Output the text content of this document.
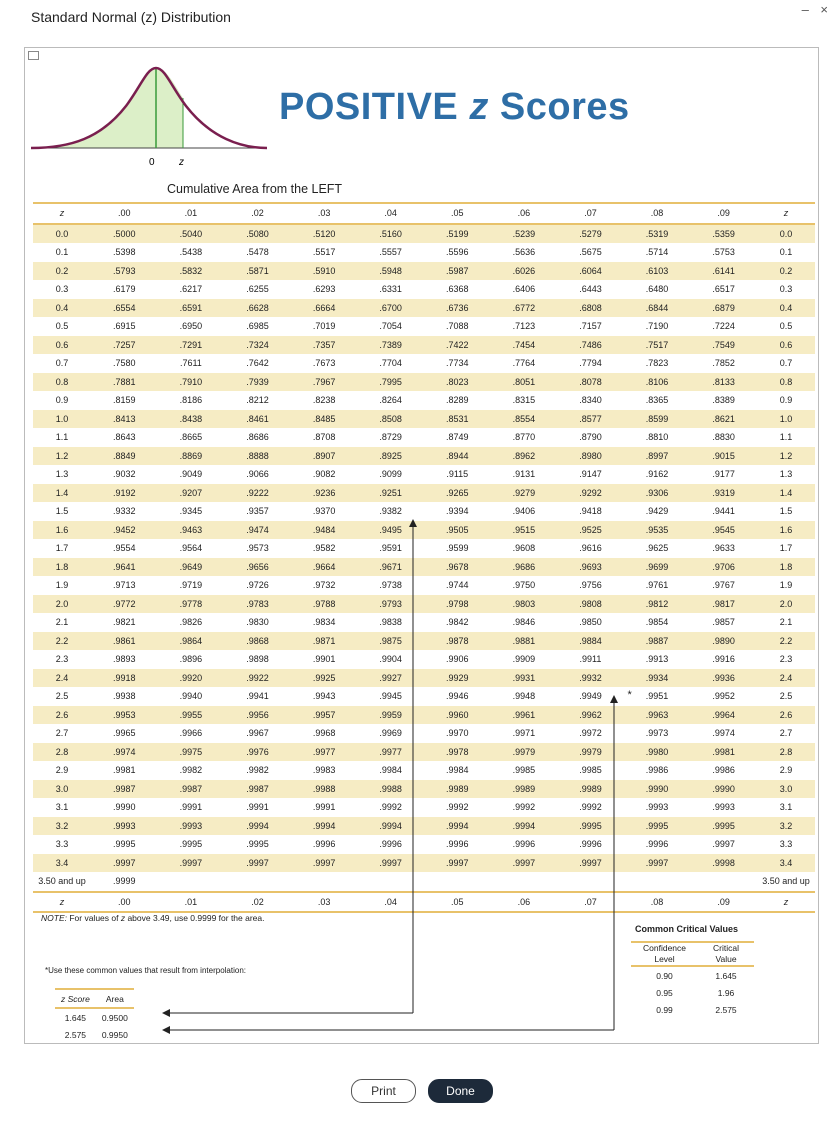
Standard Normal (z) Distribution	– ×
0 z
POSITIVE z Scores
Cumulative Area from the LEFT
z	.00	.01	.02	.03	.04	.05	.06	.07	.08	.09	z
0.0	.5000	.5040	.5080	.5120	.5160	.5199	.5239	.5279	.5319	.5359	0.0
0.1	.5398	.5438	.5478	.5517	.5557	.5596	.5636	.5675	.5714	.5753	0.1
0.2	.5793	.5832	.5871	.5910	.5948	.5987	.6026	.6064	.6103	.6141	0.2
0.3	.6179	.6217	.6255	.6293	.6331	.6368	.6406	.6443	.6480	.6517	0.3
0.4	.6554	.6591	.6628	.6664	.6700	.6736	.6772	.6808	.6844	.6879	0.4
0.5	.6915	.6950	.6985	.7019	.7054	.7088	.7123	.7157	.7190	.7224	0.5
0.6	.7257	.7291	.7324	.7357	.7389	.7422	.7454	.7486	.7517	.7549	0.6
0.7	.7580	.7611	.7642	.7673	.7704	.7734	.7764	.7794	.7823	.7852	0.7
0.8	.7881	.7910	.7939	.7967	.7995	.8023	.8051	.8078	.8106	.8133	0.8
0.9	.8159	.8186	.8212	.8238	.8264	.8289	.8315	.8340	.8365	.8389	0.9
1.0	.8413	.8438	.8461	.8485	.8508	.8531	.8554	.8577	.8599	.8621	1.0
1.1	.8643	.8665	.8686	.8708	.8729	.8749	.8770	.8790	.8810	.8830	1.1
1.2	.8849	.8869	.8888	.8907	.8925	.8944	.8962	.8980	.8997	.9015	1.2
1.3	.9032	.9049	.9066	.9082	.9099	.9115	.9131	.9147	.9162	.9177	1.3
1.4	.9192	.9207	.9222	.9236	.9251	.9265	.9279	.9292	.9306	.9319	1.4
1.5	.9332	.9345	.9357	.9370	.9382	.9394	.9406	.9418	.9429	.9441	1.5
1.6	.9452	.9463	.9474	.9484	.9495	.9505	.9515	.9525	.9535	.9545	1.6
1.7	.9554	.9564	.9573	.9582	.9591	.9599	.9608	.9616	.9625	.9633	1.7
1.8	.9641	.9649	.9656	.9664	.9671	.9678	.9686	.9693	.9699	.9706	1.8
1.9	.9713	.9719	.9726	.9732	.9738	.9744	.9750	.9756	.9761	.9767	1.9
2.0	.9772	.9778	.9783	.9788	.9793	.9798	.9803	.9808	.9812	.9817	2.0
2.1	.9821	.9826	.9830	.9834	.9838	.9842	.9846	.9850	.9854	.9857	2.1
2.2	.9861	.9864	.9868	.9871	.9875	.9878	.9881	.9884	.9887	.9890	2.2
2.3	.9893	.9896	.9898	.9901	.9904	.9906	.9909	.9911	.9913	.9916	2.3
2.4	.9918	.9920	.9922	.9925	.9927	.9929	.9931	.9932	.9934	.9936	2.4
2.5	.9938	.9940	.9941	.9943	.9945	.9946	.9948	.9949 *	.9951	.9952	2.5
2.6	.9953	.9955	.9956	.9957	.9959	.9960	.9961	.9962	.9963	.9964	2.6
2.7	.9965	.9966	.9967	.9968	.9969	.9970	.9971	.9972	.9973	.9974	2.7
2.8	.9974	.9975	.9976	.9977	.9977	.9978	.9979	.9979	.9980	.9981	2.8
2.9	.9981	.9982	.9982	.9983	.9984	.9984	.9985	.9985	.9986	.9986	2.9
3.0	.9987	.9987	.9987	.9988	.9988	.9989	.9989	.9989	.9990	.9990	3.0
3.1	.9990	.9991	.9991	.9991	.9992	.9992	.9992	.9992	.9993	.9993	3.1
3.2	.9993	.9993	.9994	.9994	.9994	.9994	.9994	.9995	.9995	.9995	3.2
3.3	.9995	.9995	.9995	.9996	.9996	.9996	.9996	.9996	.9996	.9997	3.3
3.4	.9997	.9997	.9997	.9997	.9997	.9997	.9997	.9997	.9997	.9998	3.4
3.50 and up	.9999										3.50 and up
z	.00	.01	.02	.03	.04	.05	.06	.07	.08	.09	z
NOTE: For values of z above 3.49, use 0.9999 for the area.
*Use these common values that result from interpolation:
z Score	Area
1.645	0.9500
2.575	0.9950
Common Critical Values
Confidence Level	Critical Value
0.90	1.645
0.95	1.96
0.99	2.575
Print	Done
